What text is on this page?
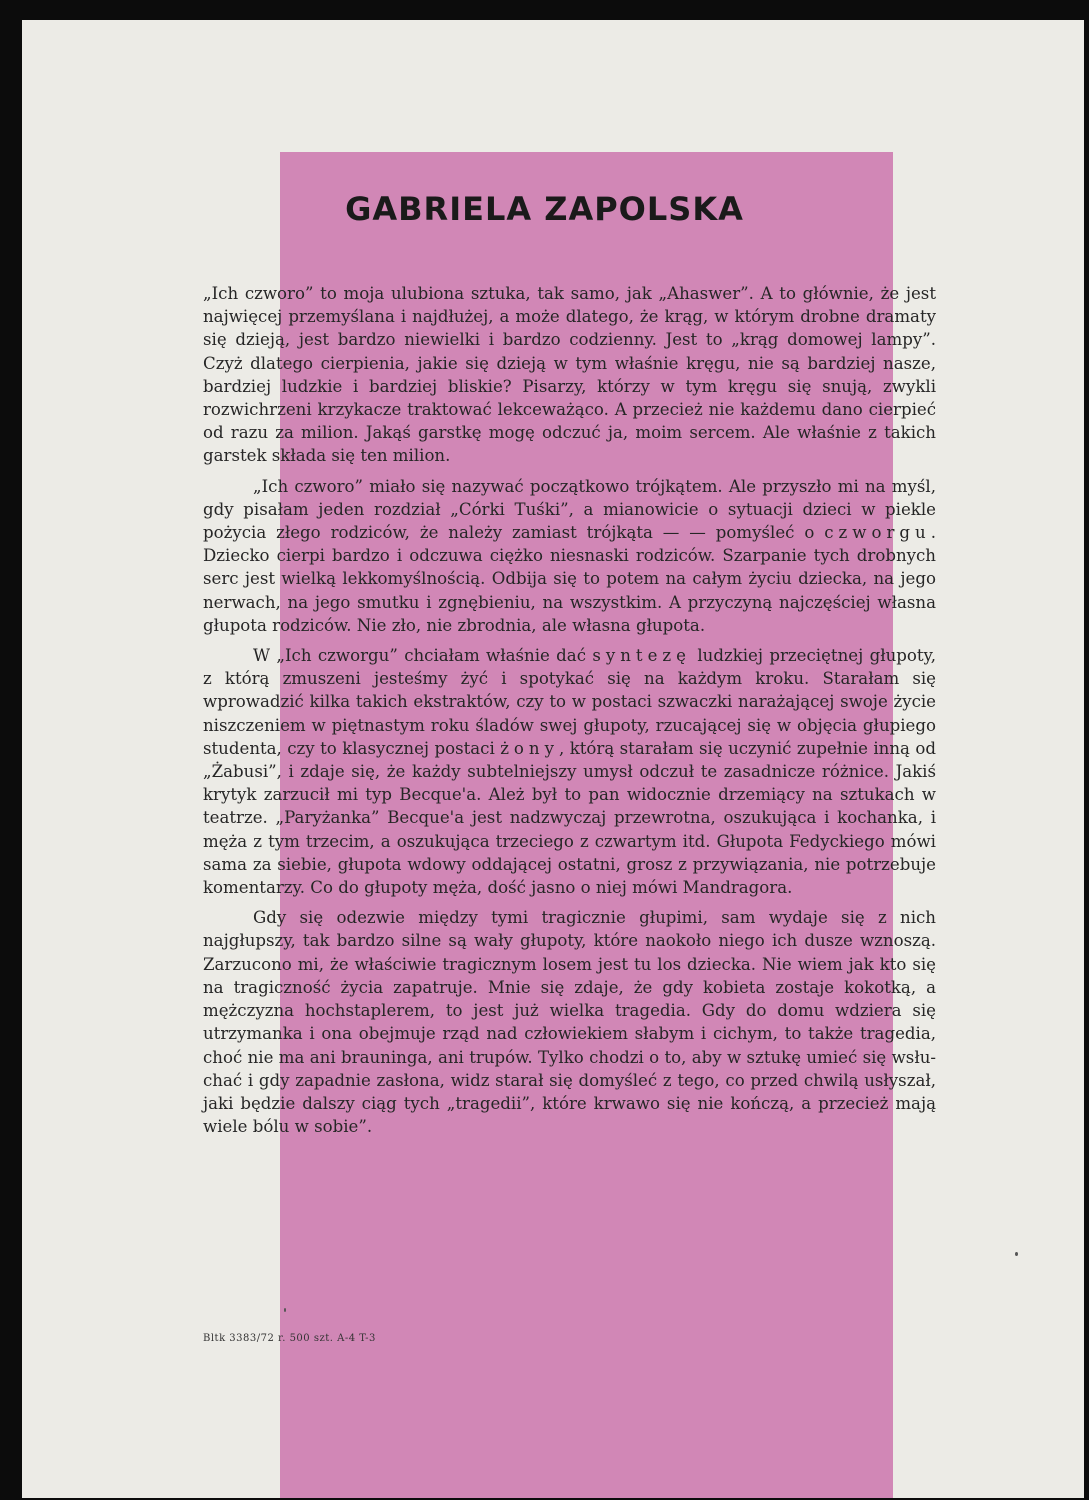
GABRIELA ZAPOLSKA

„Ich czworo” to moja ulubiona sztuka, tak samo, jak „Ahaswer”. A to głównie, że jest najwięcej przemyślana i najdłużej, a może dlatego, że krąg, w którym drobne dramaty się dzieją, jest bardzo niewielki i bardzo codzienny. Jest to „krąg domowej lampy”. Czyż dlatego cierpienia, jakie się dzieją w tym właśnie kręgu, nie są bardziej nasze, bardziej ludzkie i bardziej bliskie? Pisarzy, którzy w tym kręgu się snują, zwykli rozwichrzeni krzykacze traktować lekceważąco. A przecież nie każdemu dano cierpieć od razu za milion. Jakąś garstkę mogę odczuć ja, moim sercem. Ale właśnie z takich garstek składa się ten milion.

„Ich czworo” miało się nazywać początkowo trójkątem. Ale przyszło mi na myśl, gdy pisałam jeden rozdział „Córki Tuśki”, a mianowicie o sytuacji dzieci w piekle pożycia złego rodziców, że należy zamiast trójkąta — — pomyśleć o czworgu. Dziecko cierpi bardzo i odczuwa ciężko niesnaski rodziców. Szarpanie tych drobnych serc jest wielką lekkomyślnością. Odbija się to potem na całym życiu dziecka, na jego nerwach, na jego smutku i zgnębieniu, na wszystkim. A przyczyną najczęściej własna głupota rodziców. Nie zło, nie zbrodnia, ale własna głupota.

W „Ich czworgu” chciałam właśnie dać syntezę ludzkiej przeciętnej głupoty, z którą zmuszeni jesteśmy żyć i spotykać się na każdym kroku. Starałam się wprowadzić kilka takich ekstraktów, czy to w postaci szwaczki narażającej swoje życie niszczeniem w piętnastym roku śladów swej głupoty, rzucającej się w objęcia głupiego studenta, czy to klasycznej postaci żony, którą starałam się uczynić zupełnie inną od „Żabusi”, i zdaje się, że każdy subtelniejszy umysł odczuł te zasadnicze różnice. Jakiś krytyk zarzucił mi typ Becque'a. Ależ był to pan widocznie drzemiący na sztukach w teatrze. „Paryżanka” Becque'a jest nadzwyczaj przewrotna, oszukująca i kochanka, i męża z tym trzecim, a oszukująca trzeciego z czwartym itd. Głupota Fedyckiego mówi sama za siebie, głupota wdowy oddającej ostatni, grosz z przywiązania, nie potrzebuje komentarzy. Co do głupoty męża, dość jasno o niej mówi Mandragora.

Gdy się odezwie między tymi tragicznie głupimi, sam wydaje się z nich najgłupszy, tak bardzo silne są wały głupoty, które naokoło niego ich dusze wznoszą. Zarzucono mi, że właściwie tragicznym losem jest tu los dziecka. Nie wiem jak kto się na tragiczność życia zapatruje. Mnie się zdaje, że gdy kobieta zostaje kokotką, a mężczyzna hochstaplerem, to jest już wielka tragedia. Gdy do domu wdziera się utrzymanka i ona obejmuje rząd nad człowiekiem słabym i cichym, to także tragedia, choć nie ma ani brauninga, ani trupów. Tylko chodzi o to, aby w sztukę umieć się wsłuchać i gdy zapadnie zasłona, widz starał się domyśleć z tego, co przed chwilą usłyszał, jaki będzie dalszy ciąg tych „tragedii”, które krwawo się nie kończą, a przecież mają wiele bólu w sobie”.

Bltk 3383/72 r. 500 szt. A-4 T-3
